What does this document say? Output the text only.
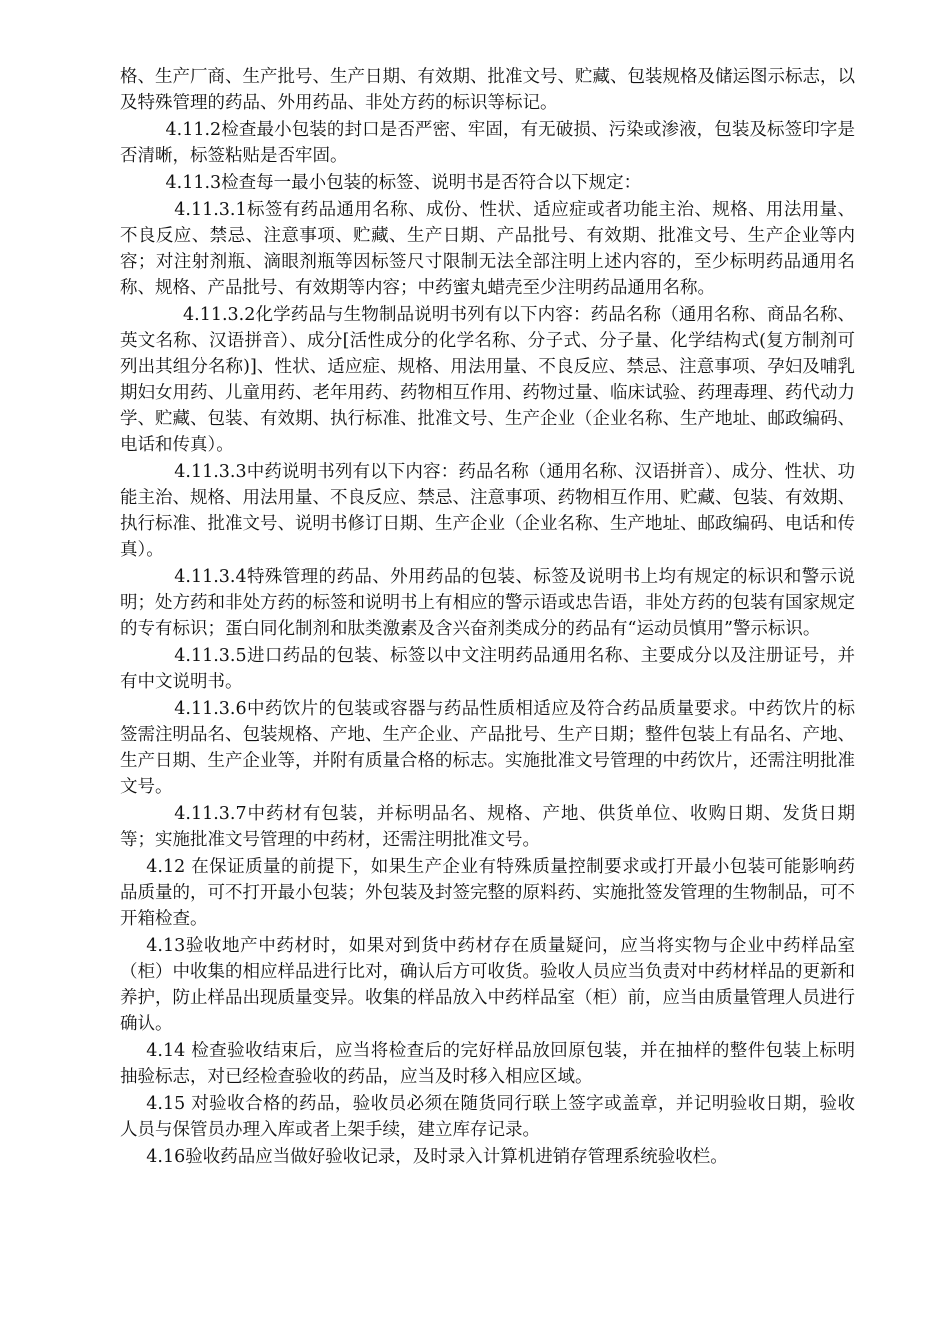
格、生产厂商、生产批号、生产日期、有效期、批准文号、贮藏、包装规格及储运图示标志，以及特殊管理的药品、外用药品、非处方药的标识等标记。

4.11.2检查最小包装的封口是否严密、牢固，有无破损、污染或渗液，包装及标签印字是否清晰，标签粘贴是否牢固。

4.11.3检查每一最小包装的标签、说明书是否符合以下规定：

4.11.3.1标签有药品通用名称、成份、性状、适应症或者功能主治、规格、用法用量、不良反应、禁忌、注意事项、贮藏、生产日期、产品批号、有效期、批准文号、生产企业等内容；对注射剂瓶、滴眼剂瓶等因标签尺寸限制无法全部注明上述内容的，至少标明药品通用名称、规格、产品批号、有效期等内容；中药蜜丸蜡壳至少注明药品通用名称。

4.11.3.2化学药品与生物制品说明书列有以下内容：药品名称（通用名称、商品名称、英文名称、汉语拼音）、成分[活性成分的化学名称、分子式、分子量、化学结构式(复方制剂可列出其组分名称)]、性状、适应症、规格、用法用量、不良反应、禁忌、注意事项、孕妇及哺乳期妇女用药、儿童用药、老年用药、药物相互作用、药物过量、临床试验、药理毒理、药代动力学、贮藏、包装、有效期、执行标准、批准文号、生产企业（企业名称、生产地址、邮政编码、电话和传真）。

4.11.3.3中药说明书列有以下内容：药品名称（通用名称、汉语拼音）、成分、性状、功能主治、规格、用法用量、不良反应、禁忌、注意事项、药物相互作用、贮藏、包装、有效期、执行标准、批准文号、说明书修订日期、生产企业（企业名称、生产地址、邮政编码、电话和传真）。

4.11.3.4特殊管理的药品、外用药品的包装、标签及说明书上均有规定的标识和警示说明；处方药和非处方药的标签和说明书上有相应的警示语或忠告语，非处方药的包装有国家规定的专有标识；蛋白同化制剂和肽类激素及含兴奋剂类成分的药品有“运动员慎用”警示标识。

4.11.3.5进口药品的包装、标签以中文注明药品通用名称、主要成分以及注册证号，并有中文说明书。

4.11.3.6中药饮片的包装或容器与药品性质相适应及符合药品质量要求。中药饮片的标签需注明品名、包装规格、产地、生产企业、产品批号、生产日期；整件包装上有品名、产地、生产日期、生产企业等，并附有质量合格的标志。实施批准文号管理的中药饮片，还需注明批准文号。

4.11.3.7中药材有包装，并标明品名、规格、产地、供货单位、收购日期、发货日期等；实施批准文号管理的中药材，还需注明批准文号。

4.12 在保证质量的前提下，如果生产企业有特殊质量控制要求或打开最小包装可能影响药品质量的，可不打开最小包装；外包装及封签完整的原料药、实施批签发管理的生物制品，可不开箱检查。

4.13验收地产中药材时，如果对到货中药材存在质量疑问，应当将实物与企业中药样品室（柜）中收集的相应样品进行比对，确认后方可收货。验收人员应当负责对中药材样品的更新和养护，防止样品出现质量变异。收集的样品放入中药样品室（柜）前，应当由质量管理人员进行确认。

4.14 检查验收结束后，应当将检查后的完好样品放回原包装，并在抽样的整件包装上标明抽验标志，对已经检查验收的药品，应当及时移入相应区域。

4.15 对验收合格的药品，验收员必须在随货同行联上签字或盖章，并记明验收日期，验收人员与保管员办理入库或者上架手续，建立库存记录。

4.16验收药品应当做好验收记录，及时录入计算机进销存管理系统验收栏。
